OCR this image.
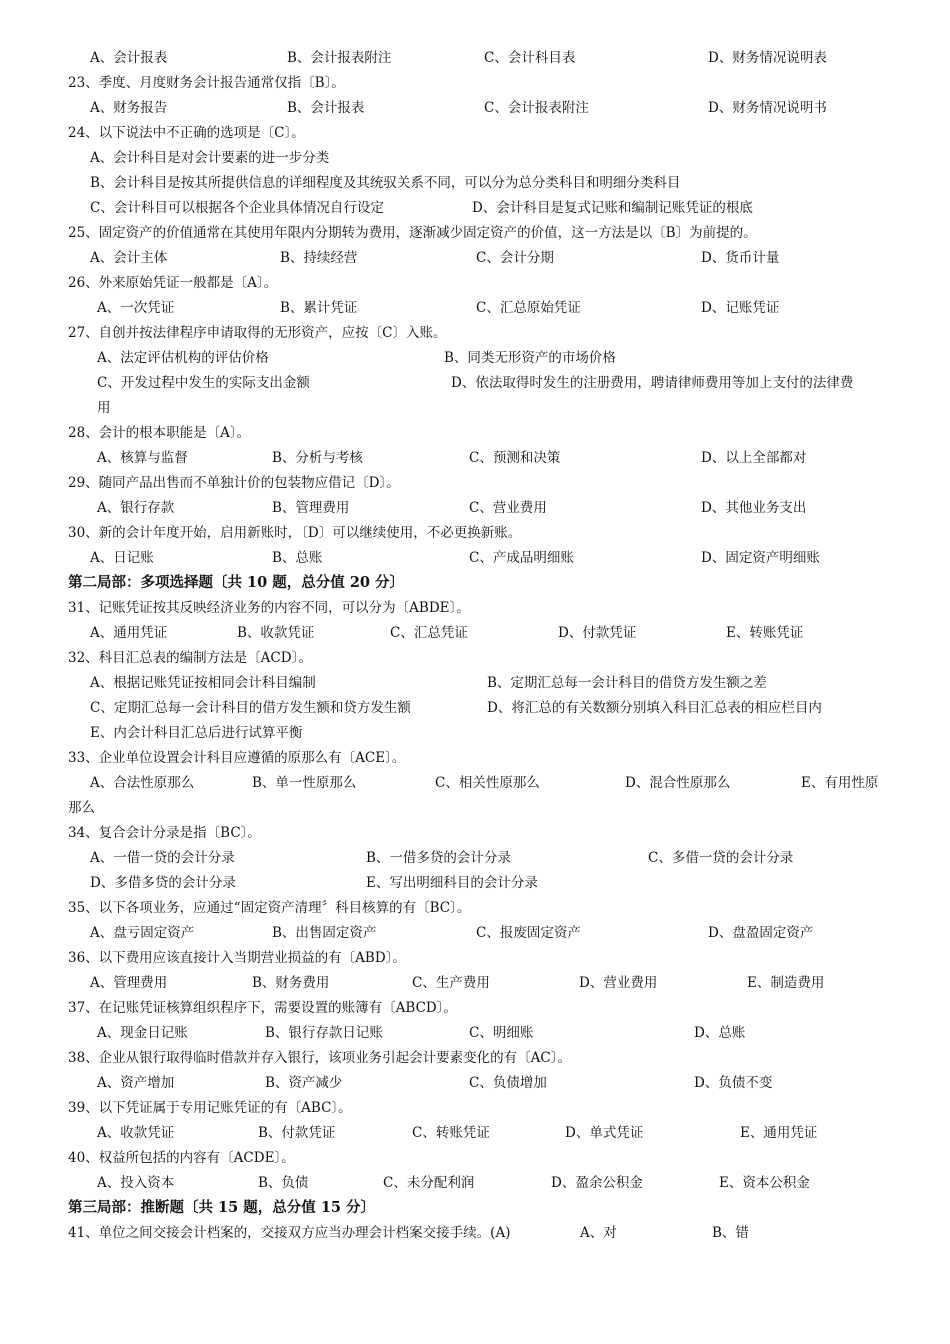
A、会计报表	B、会计报表附注	C、会计科目表	D、财务情况说明表
23、季度、月度财务会计报告通常仅指〔B〕。
A、财务报告	B、会计报表	C、会计报表附注	D、财务情况说明书
24、以下说法中不正确的选项是〔C〕。
A、会计科目是对会计要素的进一步分类
B、会计科目是按其所提供信息的详细程度及其统驭关系不同，可以分为总分类科目和明细分类科目
C、会计科目可以根据各个企业具体情况自行设定	D、会计科目是复式记账和编制记账凭证的根底
25、固定资产的价值通常在其使用年限内分期转为费用，逐渐减少固定资产的价值，这一方法是以〔B〕为前提的。
A、会计主体	B、持续经营	C、会计分期	D、货币计量
26、外来原始凭证一般都是〔A〕。
A、一次凭证	B、累计凭证	C、汇总原始凭证	D、记账凭证
27、自创并按法律程序申请取得的无形资产，应按〔C〕入账。
A、法定评估机构的评估价格	B、同类无形资产的市场价格
C、开发过程中发生的实际支出金额	D、依法取得时发生的注册费用，聘请律师费用等加上支付的法律费
用
28、会计的根本职能是〔A〕。
A、核算与监督	B、分析与考核	C、预测和决策	D、以上全部都对
29、随同产品出售而不单独计价的包装物应借记〔D〕。
A、银行存款	B、管理费用	C、营业费用	D、其他业务支出
30、新的会计年度开始，启用新账时，〔D〕可以继续使用，不必更换新账。
A、日记账	B、总账	C、产成品明细账	D、固定资产明细账
第二局部：多项选择题〔共 10 题，总分值 20 分〕
31、记账凭证按其反映经济业务的内容不同，可以分为〔ABDE〕。
A、通用凭证	B、收款凭证	C、汇总凭证	D、付款凭证	E、转账凭证
32、科目汇总表的编制方法是〔ACD〕。
A、根据记账凭证按相同会计科目编制	B、定期汇总每一会计科目的借贷方发生额之差
C、定期汇总每一会计科目的借方发生额和贷方发生额	D、将汇总的有关数额分别填入科目汇总表的相应栏目内
E、内会计科目汇总后进行试算平衡
33、企业单位设置会计科目应遵循的原那么有〔ACE〕。
A、合法性原那么	B、单一性原那么	C、相关性原那么	D、混合性原那么	E、有用性原
那么
34、复合会计分录是指〔BC〕。
A、一借一贷的会计分录	B、一借多贷的会计分录	C、多借一贷的会计分录
D、多借多贷的会计分录	E、写出明细科目的会计分录
35、以下各项业务，应通过“固定资产清理〞科目核算的有〔BC〕。
A、盘亏固定资产	B、出售固定资产	C、报废固定资产	D、盘盈固定资产
36、以下费用应该直接计入当期营业损益的有〔ABD〕。
A、管理费用	B、财务费用	C、生产费用	D、营业费用	E、制造费用
37、在记账凭证核算组织程序下，需要设置的账簿有〔ABCD〕。
A、现金日记账	B、银行存款日记账	C、明细账	D、总账
38、企业从银行取得临时借款并存入银行，该项业务引起会计要素变化的有〔AC〕。
A、资产增加	B、资产减少	C、负债增加	D、负债不变
39、以下凭证属于专用记账凭证的有〔ABC〕。
A、收款凭证	B、付款凭证	C、转账凭证	D、单式凭证	E、通用凭证
40、权益所包括的内容有〔ACDE〕。
A、投入资本	B、负债	C、未分配利润	D、盈余公积金	E、资本公积金
第三局部：推断题〔共 15 题，总分值 15 分〕
41、单位之间交接会计档案的，交接双方应当办理会计档案交接手续。(A)	A、对	B、错
